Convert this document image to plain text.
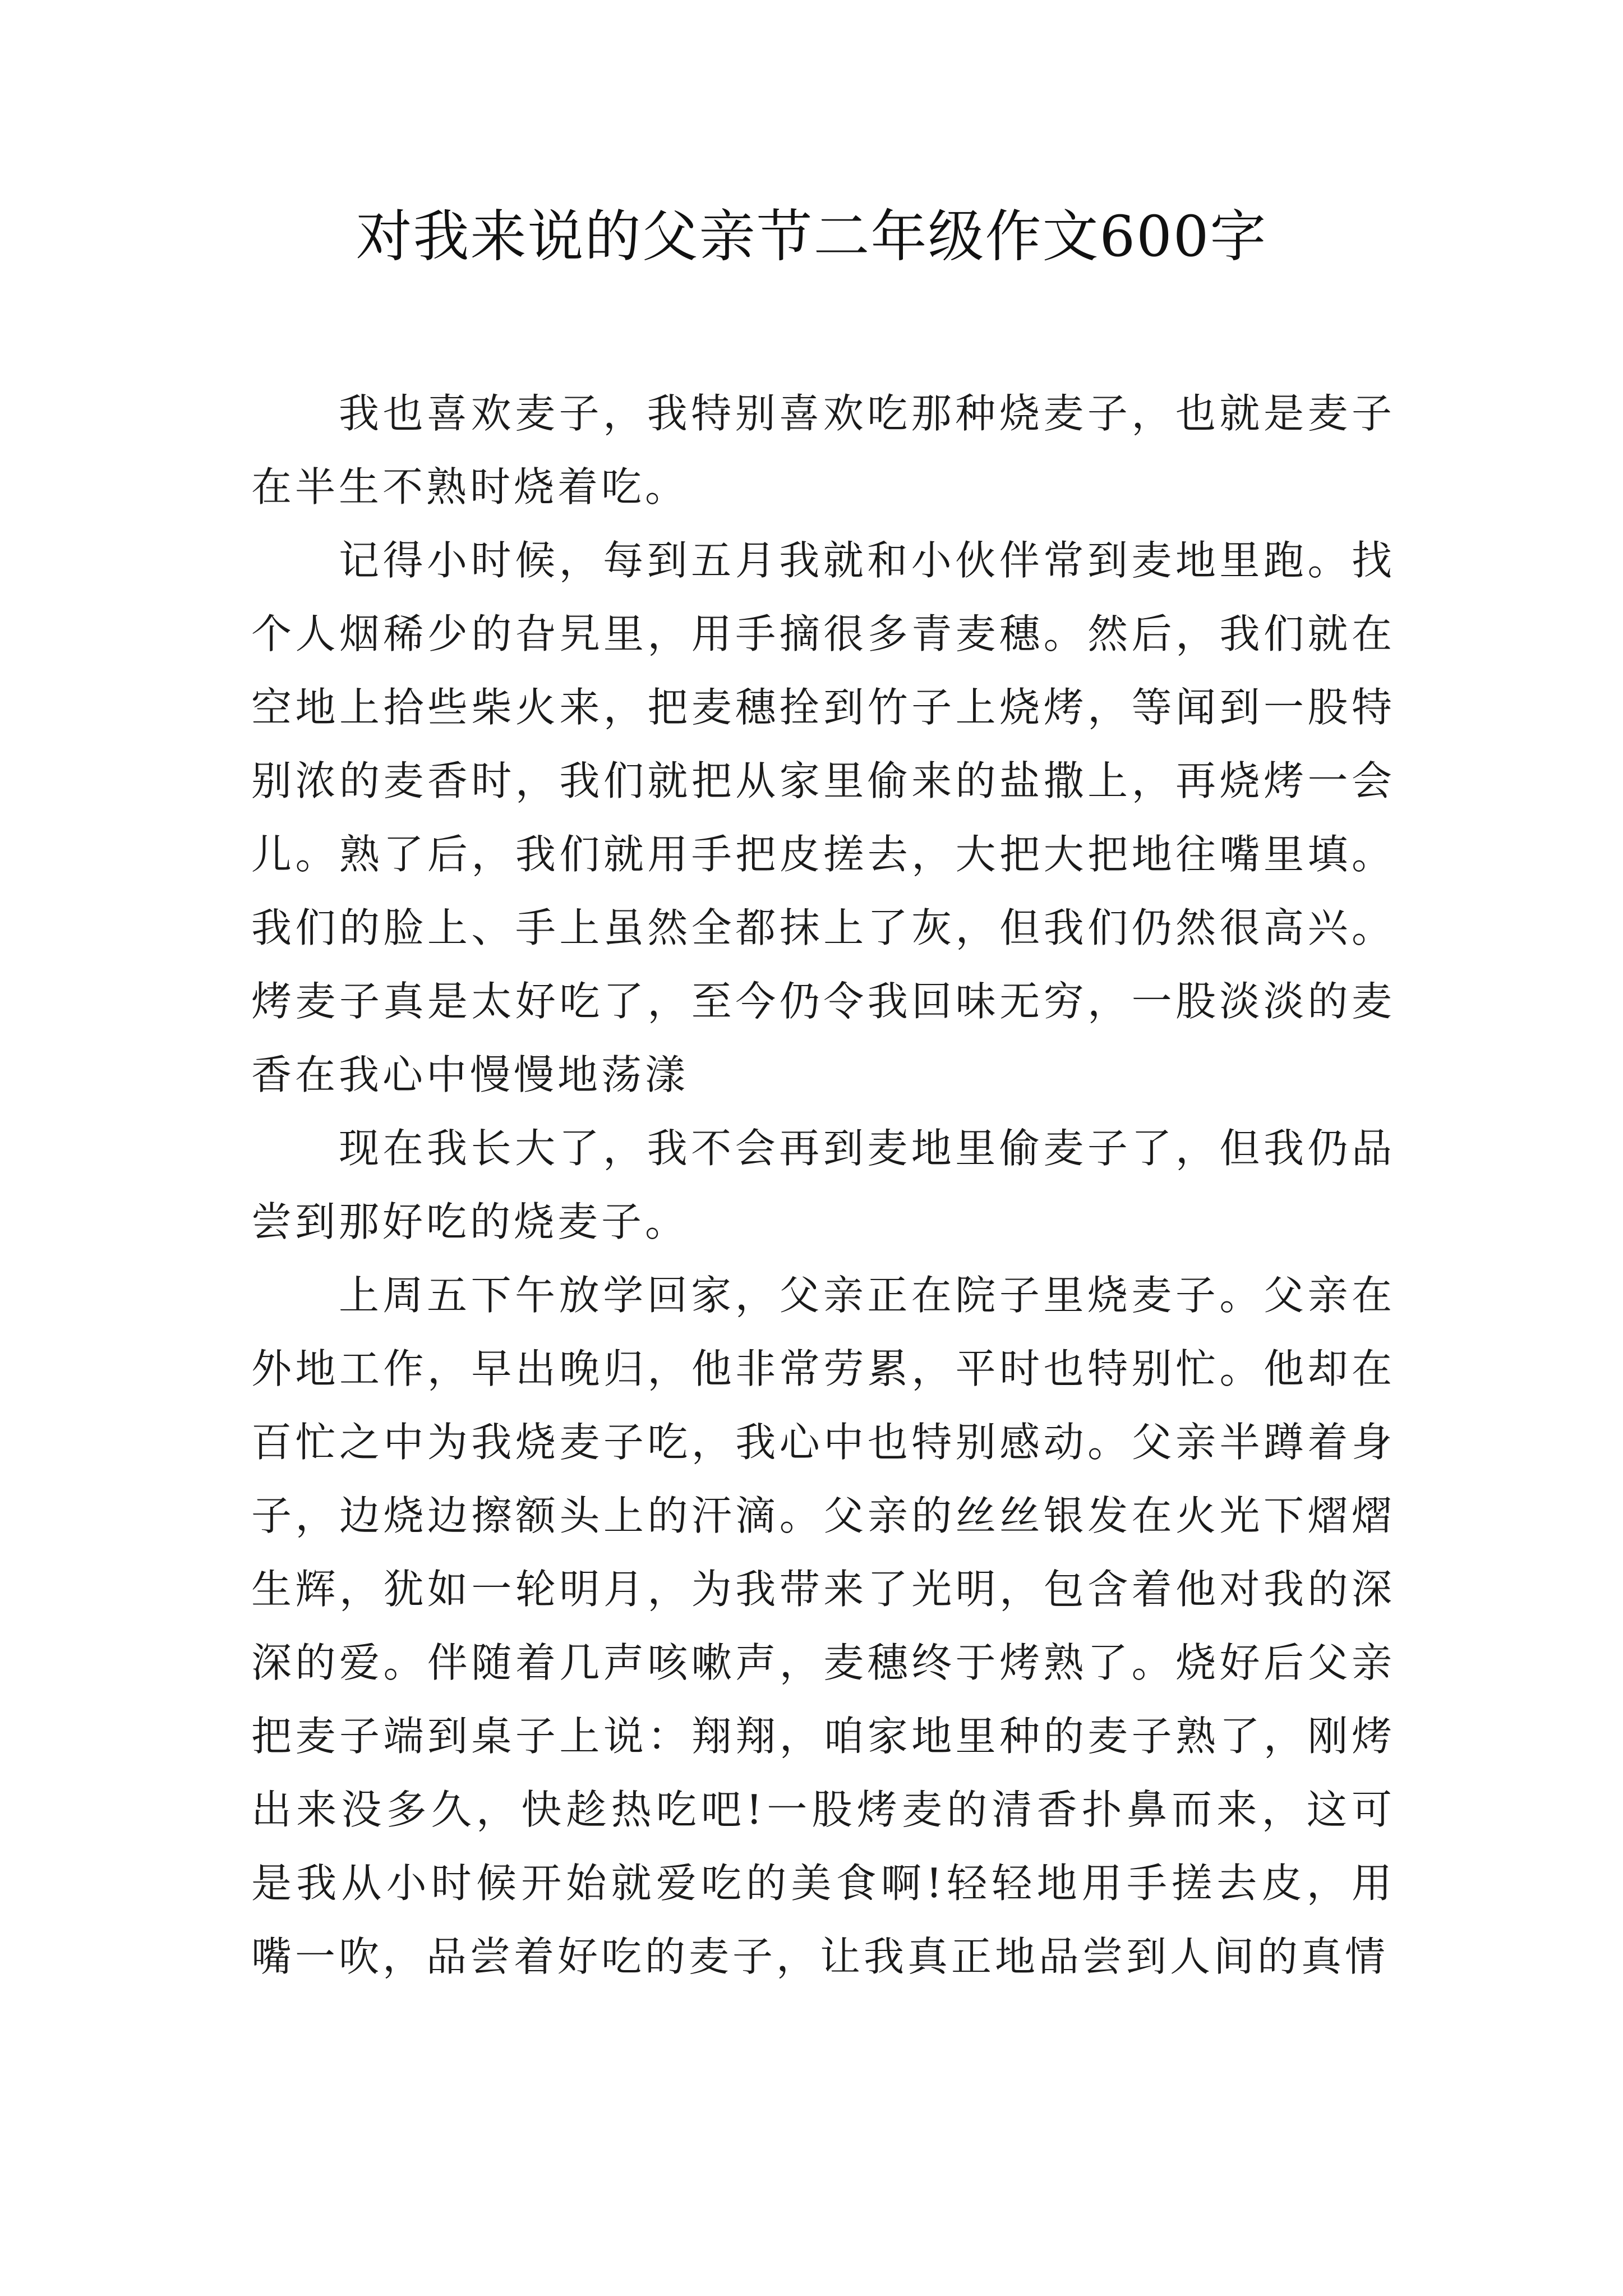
对我来说的父亲节二年级作文600字

我也喜欢麦子，我特别喜欢吃那种烧麦子，也就是麦子在半生不熟时烧着吃。

记得小时候，每到五月我就和小伙伴常到麦地里跑。找个人烟稀少的旮旯里，用手摘很多青麦穗。然后，我们就在空地上拾些柴火来，把麦穗拴到竹子上烧烤，等闻到一股特别浓的麦香时，我们就把从家里偷来的盐撒上，再烧烤一会儿。熟了后，我们就用手把皮搓去，大把大把地往嘴里填。我们的脸上、手上虽然全都抹上了灰，但我们仍然很高兴。烤麦子真是太好吃了，至今仍令我回味无穷，一股淡淡的麦香在我心中慢慢地荡漾

现在我长大了，我不会再到麦地里偷麦子了，但我仍品尝到那好吃的烧麦子。

上周五下午放学回家，父亲正在院子里烧麦子。父亲在外地工作，早出晚归，他非常劳累，平时也特别忙。他却在百忙之中为我烧麦子吃，我心中也特别感动。父亲半蹲着身子，边烧边擦额头上的汗滴。父亲的丝丝银发在火光下熠熠生辉，犹如一轮明月，为我带来了光明，包含着他对我的深深的爱。伴随着几声咳嗽声，麦穗终于烤熟了。烧好后父亲把麦子端到桌子上说：翔翔，咱家地里种的麦子熟了，刚烤出来没多久，快趁热吃吧!一股烤麦的清香扑鼻而来，这可是我从小时候开始就爱吃的美食啊!轻轻地用手搓去皮，用嘴一吹，品尝着好吃的麦子，让我真正地品尝到人间的真情
